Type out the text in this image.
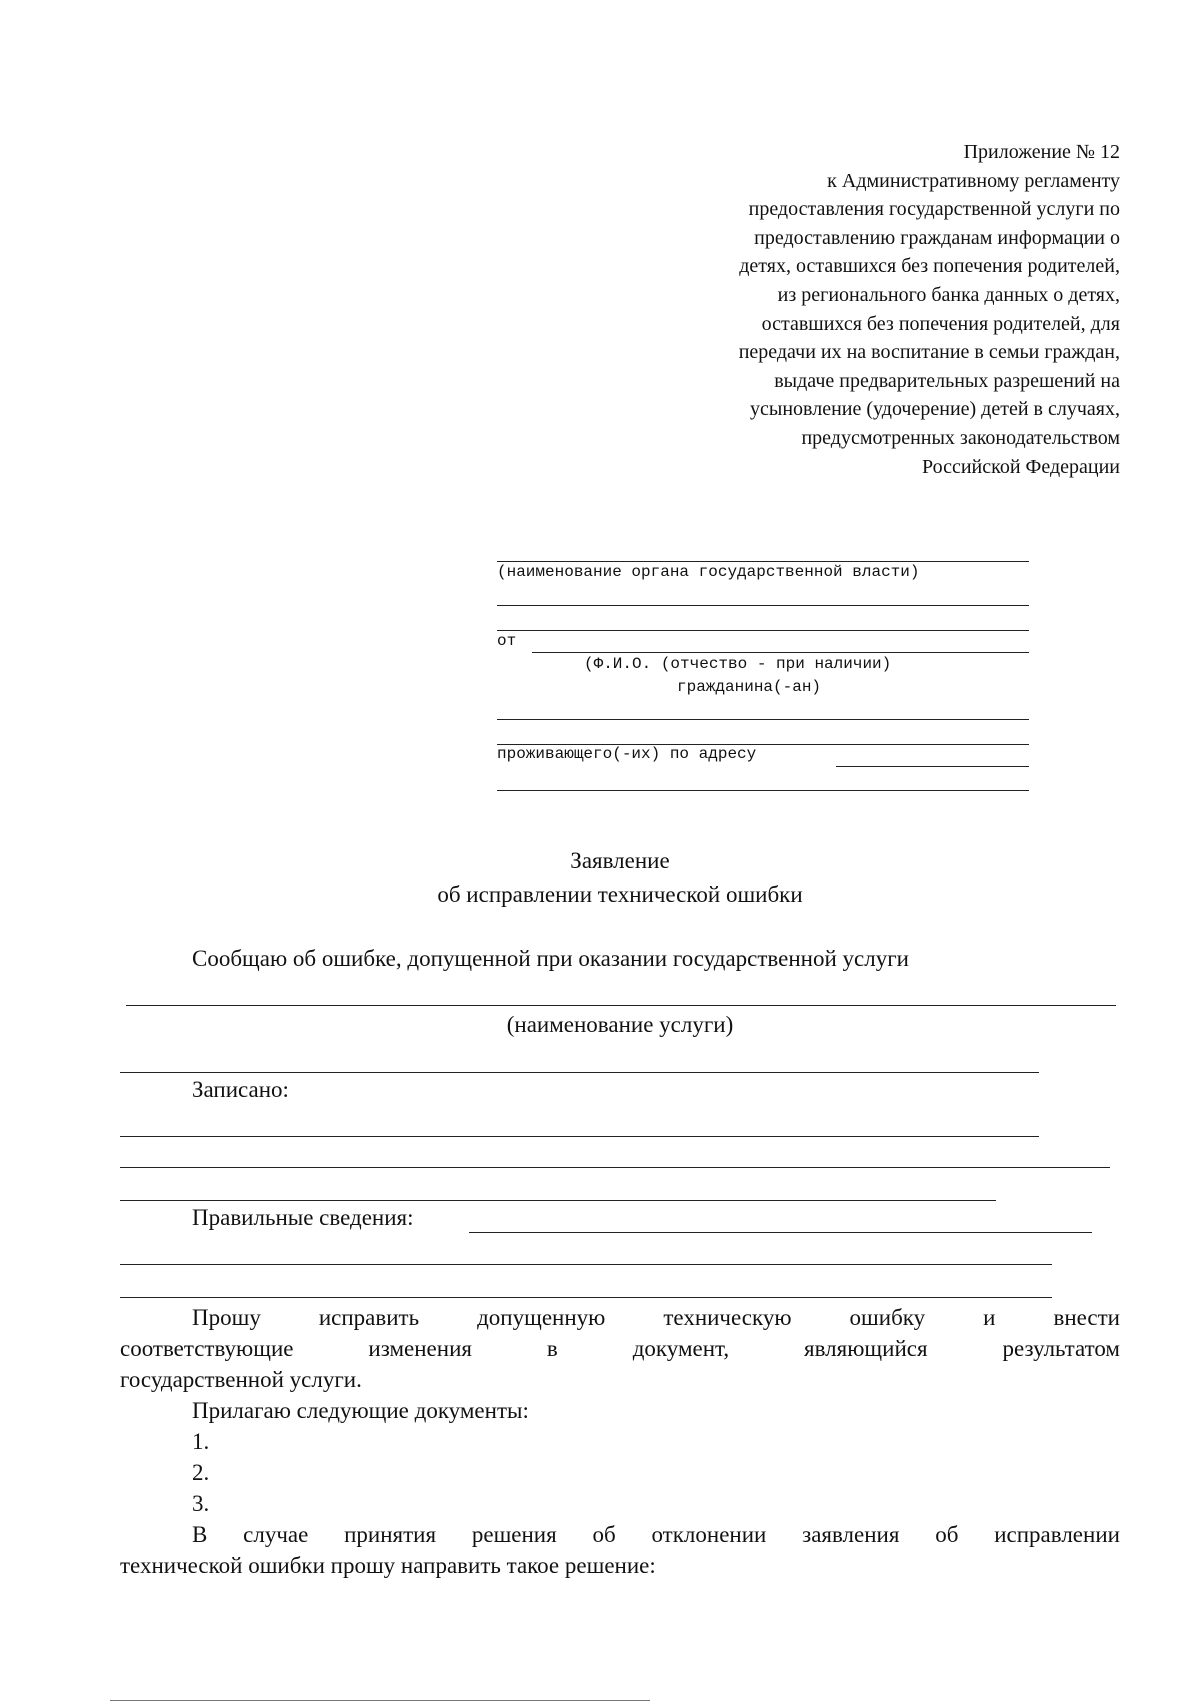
Приложение № 12
к Административному регламенту
предоставления государственной услуги по
предоставлению гражданам информации о
детях, оставшихся без попечения родителей,
из регионального банка данных о детях,
оставшихся без попечения родителей, для
передачи их на воспитание в семьи граждан,
выдаче предварительных разрешений на
усыновление (удочерение) детей в случаях,
предусмотренных законодательством
Российской Федерации
(наименование органа государственной власти)
от
(Ф.И.О. (отчество - при наличии)
гражданина(-ан)
проживающего(-их) по адресу
Заявление
об исправлении технической ошибки
Сообщаю об ошибке, допущенной при оказании государственной услуги
(наименование услуги)
Записано:
Правильные сведения:
Прошу	исправить	допущенную	техническую	ошибку	и	внести
соответствующие	изменения	в	документ,	являющийся	результатом
государственной услуги.
Прилагаю следующие документы:
1.
2.
3.
В случае принятия решения об отклонении заявления об исправлении
технической ошибки прошу направить такое решение:
